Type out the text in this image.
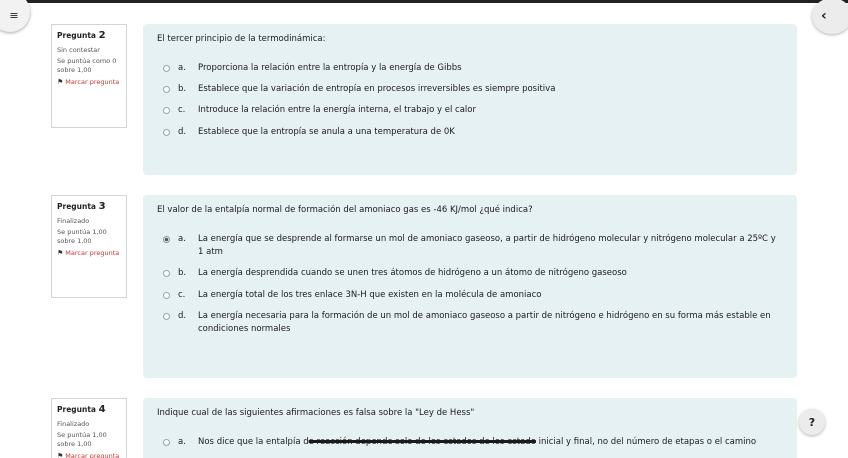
≡	‹
Pregunta 2
Sin contestar
Se puntúa como 0 sobre 1,00
⚑ Marcar pregunta
El tercer principio de la termodinámica:
a.	Proporciona la relación entre la entropía y la energía de Gibbs
b.	Establece que la variación de entropía en procesos irreversibles es siempre positiva
c.	Introduce la relación entre la energía interna, el trabajo y el calor
d.	Establece que la entropía se anula a una temperatura de 0K
Pregunta 3
Finalizado
Se puntúa 1,00 sobre 1,00
⚑ Marcar pregunta
El valor de la entalpía normal de formación del amoniaco gas es -46 KJ/mol ¿qué indica?
a.	La energía que se desprende al formarse un mol de amoniaco gaseoso, a partir de hidrógeno molecular y nitrógeno molecular a 25ºC y 1 atm
b.	La energía desprendida cuando se unen tres átomos de hidrógeno a un átomo de nitrógeno gaseoso
c.	La energía total de los tres enlace 3N-H que existen en la molécula de amoniaco
d.	La energía necesaria para la formación de un mol de amoniaco gaseoso a partir de nitrógeno e hidrógeno en su forma más estable en condiciones normales
Pregunta 4
Finalizado
Se puntúa 1,00 sobre 1,00
⚑ Marcar pregunta
Indique cual de las siguientes afirmaciones es falsa sobre la "Ley de Hess"
a.	Nos dice que la entalpía de reacción depende solo de los estados de los estado inicial y final, no del número de etapas o el camino
?
